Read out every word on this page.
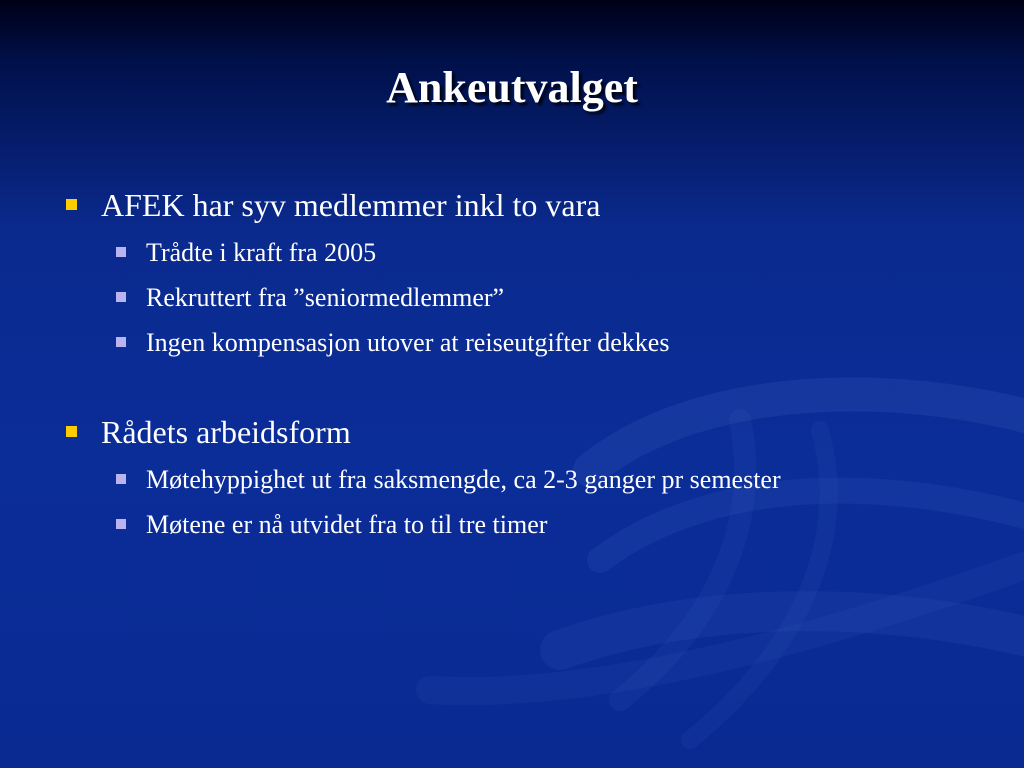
Ankeutvalget
AFEK har syv medlemmer inkl to vara
Trådte i kraft fra 2005
Rekruttert fra ”seniormedlemmer”
Ingen kompensasjon utover at reiseutgifter dekkes
Rådets arbeidsform
Møtehyppighet ut fra saksmengde, ca 2-3 ganger pr semester
Møtene er nå utvidet fra to til tre timer
